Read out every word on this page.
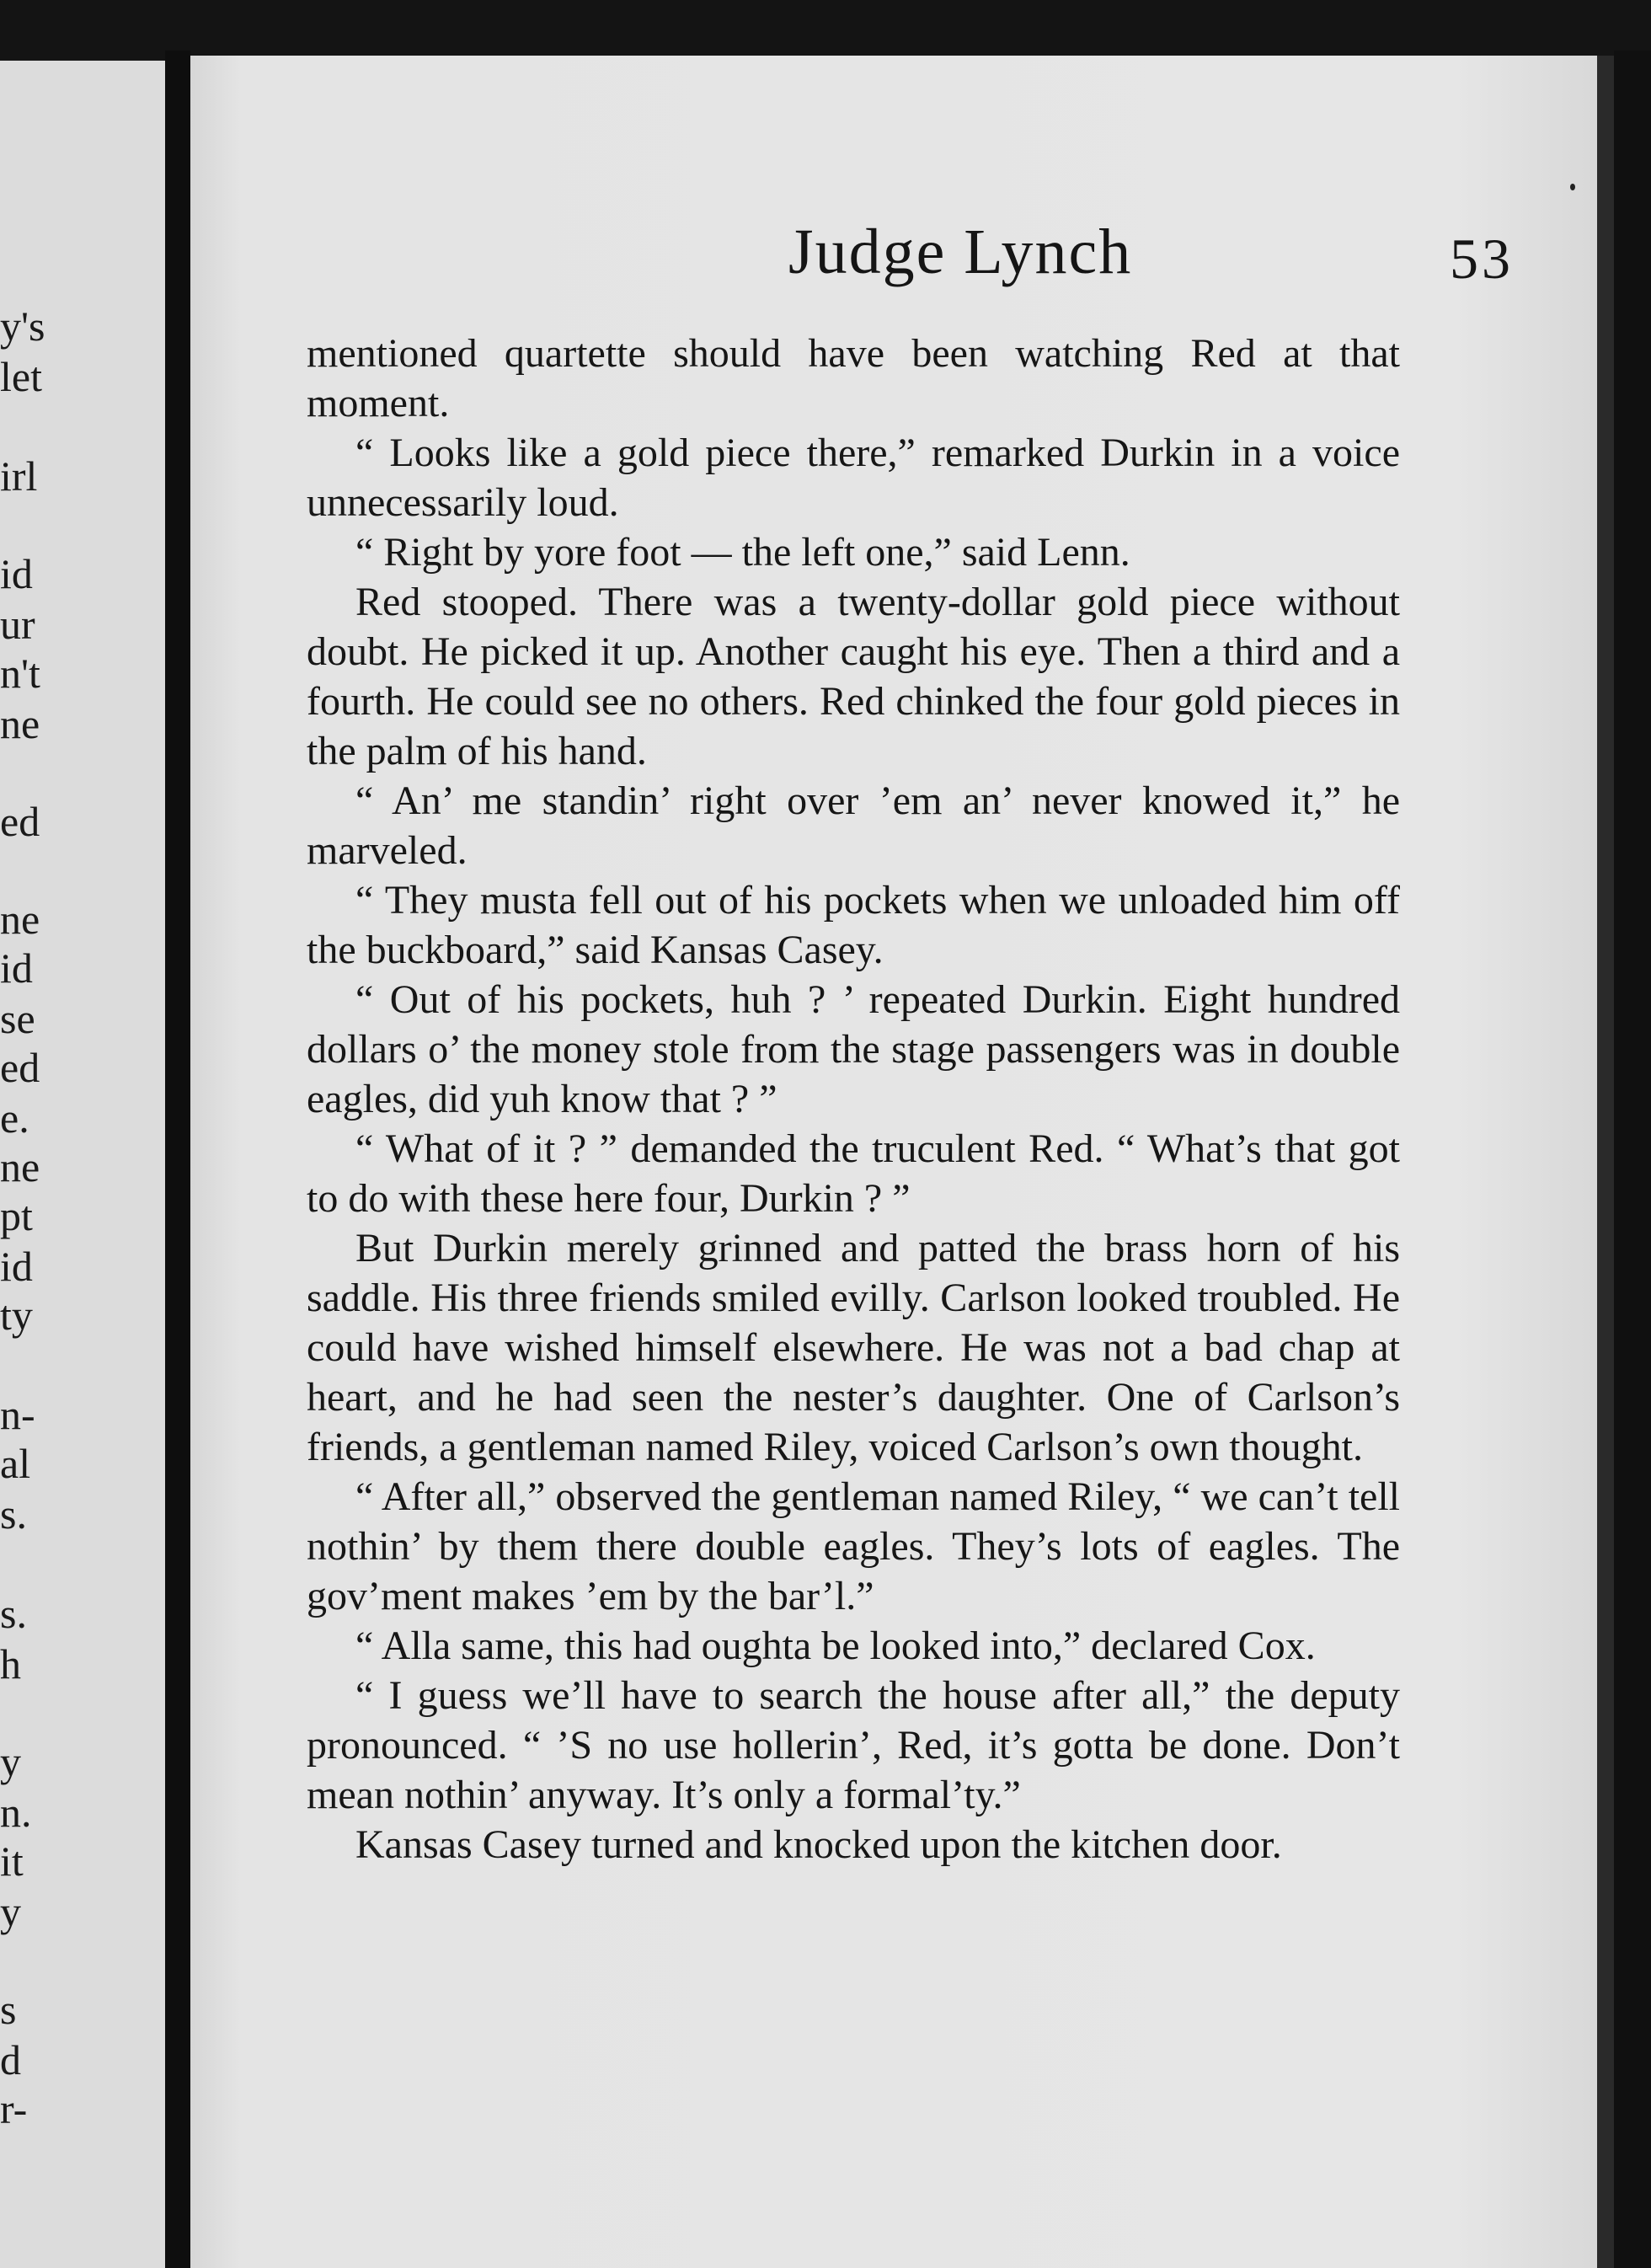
y's
let
irl
id
ur
n't
ne
ed
ne
id
se
ed
e.
ne
pt
id
ty
n-
al
s.
s.
h
y
n.
it
y
s
d
r-
Judge Lynch	53

mentioned quartette should have been watching Red at that moment.

“ Looks like a gold piece there,” remarked Durkin in a voice unnecessarily loud.

“ Right by yore foot — the left one,” said Lenn.

Red stooped. There was a twenty-dollar gold piece without doubt. He picked it up. Another caught his eye. Then a third and a fourth. He could see no others. Red chinked the four gold pieces in the palm of his hand.

“ An’ me standin’ right over ’em an’ never knowed it,” he marveled.

“ They musta fell out of his pockets when we unloaded him off the buckboard,” said Kansas Casey.

“ Out of his pockets, huh ? ’ repeated Durkin. Eight hundred dollars o’ the money stole from the stage passengers was in double eagles, did yuh know that ? ”

“ What of it ? ” demanded the truculent Red. “ What’s that got to do with these here four, Durkin ? ”

But Durkin merely grinned and patted the brass horn of his saddle. His three friends smiled evilly. Carlson looked troubled. He could have wished himself elsewhere. He was not a bad chap at heart, and he had seen the nester’s daughter. One of Carlson’s friends, a gentleman named Riley, voiced Carlson’s own thought.

“ After all,” observed the gentleman named Riley, “ we can’t tell nothin’ by them there double eagles. They’s lots of eagles. The gov’ment makes ’em by the bar’l.”

“ Alla same, this had oughta be looked into,” declared Cox.

“ I guess we’ll have to search the house after all,” the deputy pronounced. “ ’S no use hollerin’, Red, it’s gotta be done. Don’t mean nothin’ anyway. It’s only a formal’ty.”

Kansas Casey turned and knocked upon the kitchen door.
